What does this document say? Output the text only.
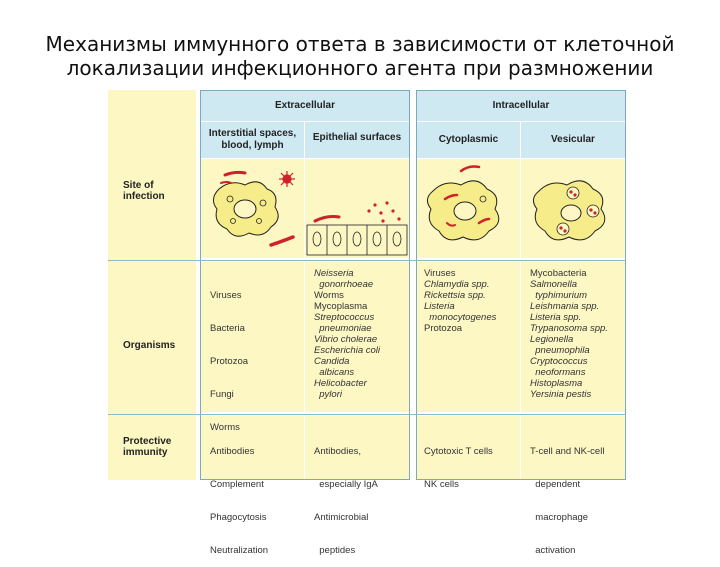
Механизмы иммунного ответа в зависимости от клеточной
локализации инфекционного агента при размножении
Site of
infection
Organisms
Protective
immunity
Extracellular
Interstitial spaces,
blood, lymph
Epithelial surfaces
Intracellular
Cytoplasmic	Vesicular

Viruses

Bacteria

Protozoa

Fungi

Worms

Neisseria
gonorrhoeae
Worms
Mycoplasma
Streptococcus
pneumoniae
Vibrio cholerae
Escherichia coli
Candida
albicans
Helicobacter
pylori
Viruses
Chlamydia spp.
Rickettsia spp.
Listeria
monocytogenes
Protozoa
Mycobacteria
Salmonella
typhimurium
Leishmania spp.
Listeria spp.
Trypanosoma spp.
Legionella
pneumophila
Cryptococcus
neoformans
Histoplasma
Yersinia pestis

Antibodies

Complement

Phagocytosis

Neutralization

Antibodies,

especially IgA

Antimicrobial

peptides

Cytotoxic T cells

NK cells

T-cell and NK-cell

dependent

macrophage

activation
